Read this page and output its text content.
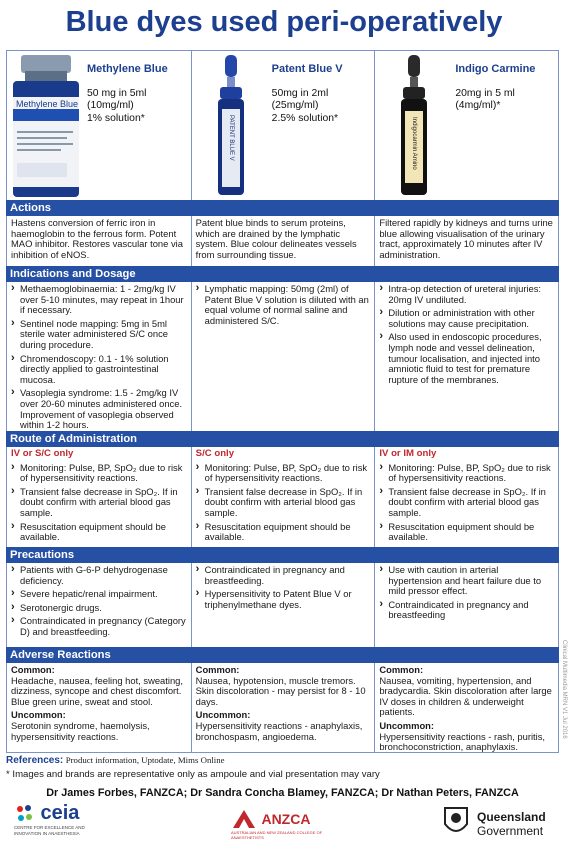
Blue dyes used peri-operatively
Methylene Blue
Methylene Blue
50 mg in 5ml
(10mg/ml)
1% solution*	PATENT BLUE V
Patent Blue V
50mg in 2ml
(25mg/ml)
2.5% solution*	Indigocarmin Amino
Indigo Carmine
20mg in 5 ml
(4mg/ml)*

Actions
Hastens conversion of ferric iron in haemoglobin to the ferrous form. Potent MAO inhibitor. Restores vascular tone via inhibition of eNOS.
Patent blue binds to serum proteins, which are drained by the lymphatic system. Blue colour delineates vessels from surrounding tissue.
Filtered rapidly by kidneys and turns urine blue allowing visualisation of the urinary tract, approximately 10 minutes after IV administration.
Indications and Dosage
› Methaemoglobinaemia: 1 - 2mg/kg IV over 5-10 minutes, may repeat in 1hour if necessary.
› Sentinel node mapping: 5mg in 5ml sterile water administered S/C once during procedure.
› Chromendoscopy: 0.1 - 1% solution directly applied to gastrointestinal mucosa.
› Vasoplegia syndrome: 1.5 - 2mg/kg IV over 20-60 minutes administered once. Improvement of vasoplegia observed within 1-2 hours.
› Lymphatic mapping: 50mg (2ml) of Patent Blue V solution is diluted with an equal volume of normal saline and administered S/C.
› Intra-op detection of ureteral injuries: 20mg IV undiluted.
› Dilution or administration with other solutions may cause precipitation.
› Also used in endoscopic procedures, lymph node and vessel delineation, tumour localisation, and injected into amniotic fluid to test for premature rupture of the membranes.
Route of Administration
IV or S/C only
› Monitoring: Pulse, BP, SpO₂ due to risk of hypersensitivity reactions.
› Transient false decrease in SpO₂. If in doubt confirm with arterial blood gas sample.
› Resuscitation equipment should be available.
S/C only
› Monitoring: Pulse, BP, SpO₂ due to risk of hypersensitivity reactions.
› Transient false decrease in SpO₂. If in doubt confirm with arterial blood gas sample.
› Resuscitation equipment should be available.
IV or IM only
› Monitoring: Pulse, BP, SpO₂ due to risk of hypersensitivity reactions.
› Transient false decrease in SpO₂. If in doubt confirm with arterial blood gas sample.
› Resuscitation equipment should be available.
Precautions
› Patients with G-6-P dehydrogenase deficiency.
› Severe hepatic/renal impairment.
› Serotonergic drugs.
› Contraindicated in pregnancy (Category D) and breastfeeding.
› Contraindicated in pregnancy and breastfeeding.
› Hypersensitivity to Patent Blue V or triphenylmethane dyes.
› Use with caution in arterial hypertension and heart failure due to mild pressor effect.
› Contraindicated in pregnancy and breastfeeding
Adverse Reactions
Common:
Headache, nausea, feeling hot, sweating, dizziness, syncope and chest discomfort. Blue green urine, sweat and stool.
Uncommon:
Serotonin syndrome, haemolysis, hypersensitivity reactions.
Common:
Nausea, hypotension, muscle tremors. Skin discoloration - may persist for 8 - 10 days.
Uncommon:
Hypersensitivity reactions - anaphylaxis, bronchospasm, angioedema.
Common:
Nausea, vomiting, hypertension, and bradycardia. Skin discoloration after large IV doses in children & underweight patients.
Uncommon:
Hypersensitivity reactions - rash, puritis, bronchoconstriction, anaphylaxis.
References: Product information, Uptodate, Mims Online
* Images and brands are representative only as ampoule and vial presentation may vary
Dr James Forbes, FANZCA; Dr Sandra Concha Blamey, FANZCA; Dr Nathan Peters, FANZCA
ceia
CENTRE FOR EXCELLENCE AND INNOVATION IN ANAESTHESIA
ANZCA
AUSTRALIAN AND NEW ZEALAND COLLEGE OF ANAESTHETISTS
Queensland
Government
Clinical Multimedia MRN V1 Jul 2016
